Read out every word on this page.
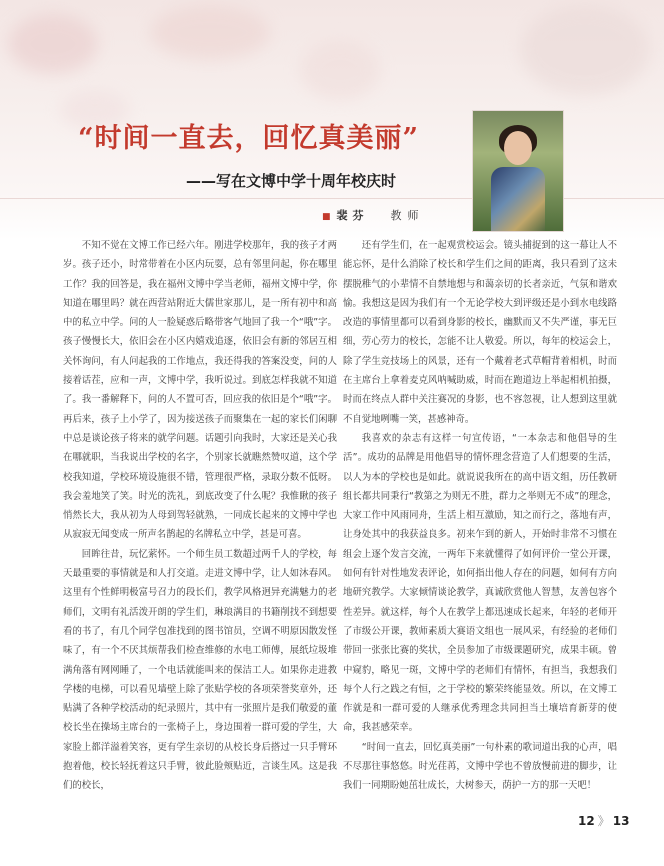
“时间一直去，回忆真美丽”
——写在文博中学十周年校庆时
■ 裴芬 教师

不知不觉在文博工作已经六年。刚进学校那年，我的孩子才两岁。孩子还小，时常带着在小区内玩耍，总有邻里问起，你在哪里工作？我的回答是，我在福州文博中学当老师，福州文博中学，你知道在哪里吗？就在西营站附近大儒世家那儿，是一所有初中和高中的私立中学。问的人一脸疑惑后略带客气地回了我一个“哦”字。孩子慢慢长大，依旧会在小区内嬉戏追逐，依旧会有新的邻居互相关怀询问，有人问起我的工作地点，我还得我的答案没变，问的人接着话茬，应和一声，文博中学，我听说过。到底怎样我就不知道了。我一番解释下，问的人不置可否，回应我的依旧是个“哦”字。再后来，孩子上小学了，因为接送孩子而聚集在一起的家长们闲聊中总是谈论孩子将来的就学问题。话题引向我时，大家还是关心我在哪就职，当我说出学校的名字，个别家长就瞧然赞叹道，这个学校我知道，学校环境设施很不错，管理很严格，录取分数不低呀。我会羞地笑了笑。时光的洗礼，到底改变了什么呢？我惟瞅的孩子悄然长大，我从初为人母到驾轻就熟，一同成长起来的文博中学也从寂寂无闻变成一所声名鹊起的名牌私立中学，甚是可喜。

回眸往昔，玩忆萦怀。一个师生员工数超过两千人的学校，每天最重要的事情就是和人打交道。走进文博中学，让人如沐春风。这里有个性鲜明极富号召力的段长们，教学风格迥异充满魅力的老师们，文明有礼活泼开朗的学生们，琳琅满目的书籍削找不到想要看的书了，有几个同学包准找到的图书馆员，空调不明原因散发怪味了，有一个不厌其烦帮我们检查维修的水电工师傅，展纸垃圾堆满角落有网网睡了，一个电话就能叫来的保洁工人。如果你走进教学楼的电梯，可以看见墙壁上除了张贴学校的各项荣誉奖章外，还贴满了各种学校活动的纪录照片，其中有一张照片是我们敬爱的董校长坐在操场主席台的一张椅子上，身边围着一群可爱的学生，大家脸上都洋溢着笑容，更有学生亲切的从校长身后搭过一只手臂环抱着他，校长轻抚着这只手臂，彼此脸颊贴近，言谈生风。这是我们的校长，

还有学生们，在一起观赏校运会。镜头捕捉到的这一幕让人不能忘怀，是什么消除了校长和学生们之间的距离，我只看到了这未摆脱稚气的小辈情不自禁地想与和蔼亲切的长者亲近，气氛和谐欢愉。我想这是因为我们有一个无论学校大到评级还是小到水电线路改造的事情里都可以看到身影的校长，幽默而又不失严谨，事无巨细，劳心劳力的校长，怎能不让人敬爱。所以，每年的校运会上，除了学生竞技场上的风景，还有一个戴着老式草帽背着相机，时而在主席台上拿着麦克风呐喊助威，时而在跑道边上举起相机拍摄，时而在终点人群中关注赛况的身影，也不容忽视，让人想到这里就不自觉地咧嘴一笑，甚感神奇。

我喜欢的杂志有这样一句宣传语，“一本杂志和他倡导的生活”。成功的品牌是用他倡导的情怀理念营造了人们想要的生活，以人为本的学校也是如此。就说说我所在的高中语文组，历任教研组长都共同秉行“教第之为则无不胜，群力之举则无不成”的理念，大家工作中风雨同舟，生活上相互激励，知之而行之，落地有声，让身处其中的我获益良多。初来乍到的新人，开始时非常不习惯在组会上逐个发言交流，一两年下来就懂得了如何评价一堂公开课，如何有针对性地发表评论，如何指出他人存在的问题，如何有方向地研究教学。大家倾情谈论教学，真诚欣赏他人智慧，友善包容个性差异。就这样，每个人在教学上都迅速成长起来，年轻的老师开了市级公开课，教师素质大赛语文组也一展风采，有经验的老师们带回一张张比赛的奖状，全员参加了市级课题研究，成果丰硕。曾中窥豹，略见一斑，文博中学的老师们有情怀，有担当，我想我们每个人行之践之有恒，之于学校的繁荣终能显效。所以，在文博工作就是和一群可爱的人继承优秀理念共同担当土壤培育新芽的使命，我甚感荣幸。

“时间一直去，回忆真美丽”一句朴素的歌词道出我的心声，唱不尽那往事悠悠。时光荏苒，文博中学也不曾放慢前进的脚步，让我们一同期盼她茁壮成长，大树参天，荫护一方的那一天吧！

12 》 13
